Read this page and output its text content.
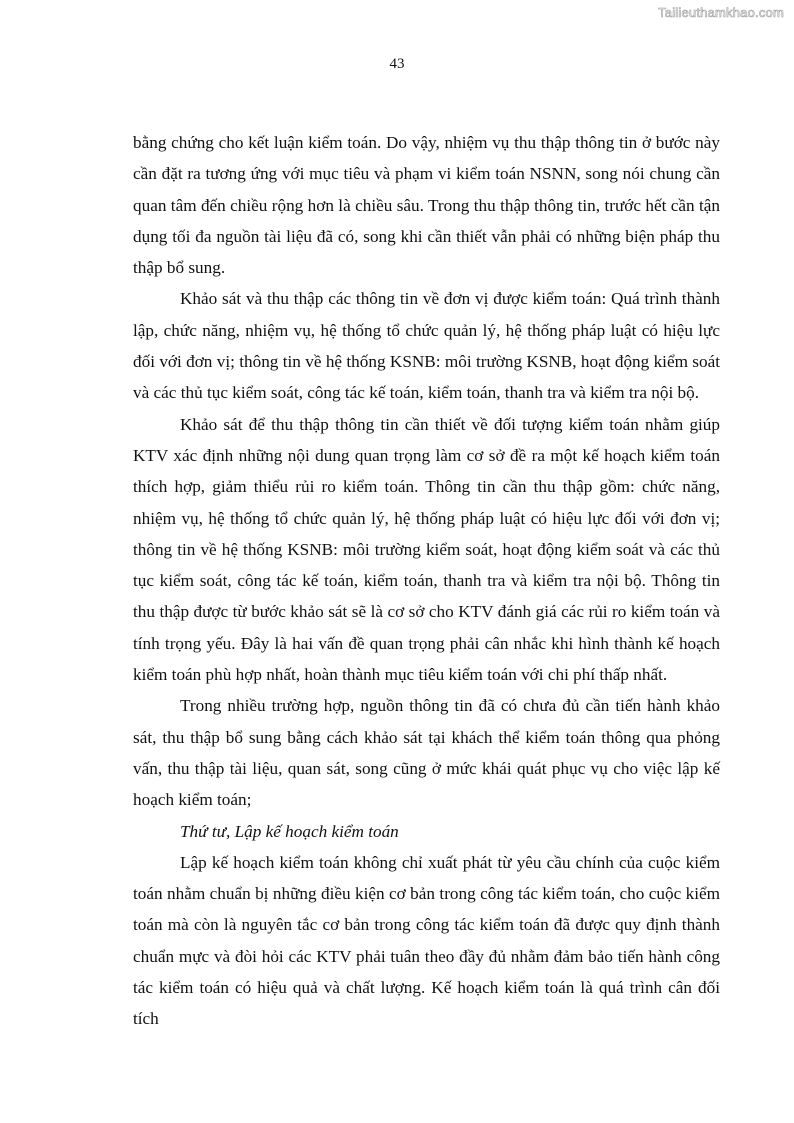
Tailieuthamkhao.com
43

bằng chứng cho kết luận kiểm toán. Do vậy, nhiệm vụ thu thập thông tin ở bước này cần đặt ra tương ứng với mục tiêu và phạm vi kiểm toán NSNN, song nói chung cần quan tâm đến chiều rộng hơn là chiều sâu. Trong thu thập thông tin, trước hết cần tận dụng tối đa nguồn tài liệu đã có, song khi cần thiết vẫn phải có những biện pháp thu thập bổ sung.

Khảo sát và thu thập các thông tin về đơn vị được kiểm toán: Quá trình thành lập, chức năng, nhiệm vụ, hệ thống tổ chức quản lý, hệ thống pháp luật có hiệu lực đối với đơn vị; thông tin về hệ thống KSNB: môi trường KSNB, hoạt động kiểm soát và các thủ tục kiểm soát, công tác kế toán, kiểm toán, thanh tra và kiểm tra nội bộ.

Khảo sát để thu thập thông tin cần thiết về đối tượng kiểm toán nhằm giúp KTV xác định những nội dung quan trọng làm cơ sở đề ra một kế hoạch kiểm toán thích hợp, giảm thiểu rủi ro kiểm toán. Thông tin cần thu thập gồm: chức năng, nhiệm vụ, hệ thống tổ chức quản lý, hệ thống pháp luật có hiệu lực đối với đơn vị; thông tin về hệ thống KSNB: môi trường kiểm soát, hoạt động kiểm soát và các thủ tục kiểm soát, công tác kế toán, kiểm toán, thanh tra và kiểm tra nội bộ. Thông tin thu thập được từ bước khảo sát sẽ là cơ sở cho KTV đánh giá các rủi ro kiểm toán và tính trọng yếu. Đây là hai vấn đề quan trọng phải cân nhắc khi hình thành kế hoạch kiểm toán phù hợp nhất, hoàn thành mục tiêu kiểm toán với chi phí thấp nhất.

Trong nhiều trường hợp, nguồn thông tin đã có chưa đủ cần tiến hành khảo sát, thu thập bổ sung bằng cách khảo sát tại khách thể kiểm toán thông qua phỏng vấn, thu thập tài liệu, quan sát, song cũng ở mức khái quát phục vụ cho việc lập kế hoạch kiểm toán;

Thứ tư, Lập kế hoạch kiểm toán

Lập kế hoạch kiểm toán không chỉ xuất phát từ yêu cầu chính của cuộc kiểm toán nhằm chuẩn bị những điều kiện cơ bản trong công tác kiểm toán, cho cuộc kiểm toán mà còn là nguyên tắc cơ bản trong công tác kiểm toán đã được quy định thành chuẩn mực và đòi hỏi các KTV phải tuân theo đầy đủ nhằm đảm bảo tiến hành công tác kiểm toán có hiệu quả và chất lượng. Kế hoạch kiểm toán là quá trình cân đối tích
